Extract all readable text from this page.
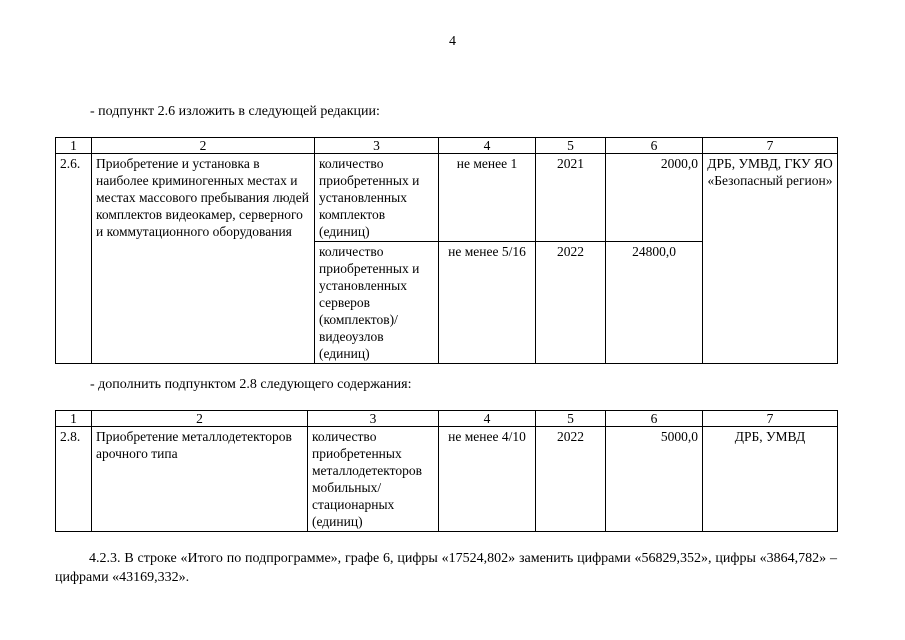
4
- подпункт 2.6 изложить в следующей редакции:
1	2	3	4	5	6	7
2.6.	Приобретение и установка в наиболее криминогенных местах и местах массового пребывания людей комплектов видеокамер, серверного и коммутационного оборудования	количество приобретенных и установленных комплектов (единиц)	не менее 1	2021	2000,0	ДРБ, УМВД, ГКУ ЯО «Безопасный регион»
		количество приобретенных и установленных серверов (комплектов)/ видеоузлов (единиц)	не менее 5/16	2022	24800,0	
- дополнить подпунктом 2.8 следующего содержания:
1	2	3	4	5	6	7
2.8.	Приобретение металлодетекторов арочного типа	количество приобретенных металлодетекторов мобильных/ стационарных (единиц)	не менее 4/10	2022	5000,0	ДРБ, УМВД
4.2.3. В строке «Итого по подпрограмме», графе 6, цифры «17524,802» заменить цифрами «56829,352», цифры «3864,782» – цифрами «43169,332».
